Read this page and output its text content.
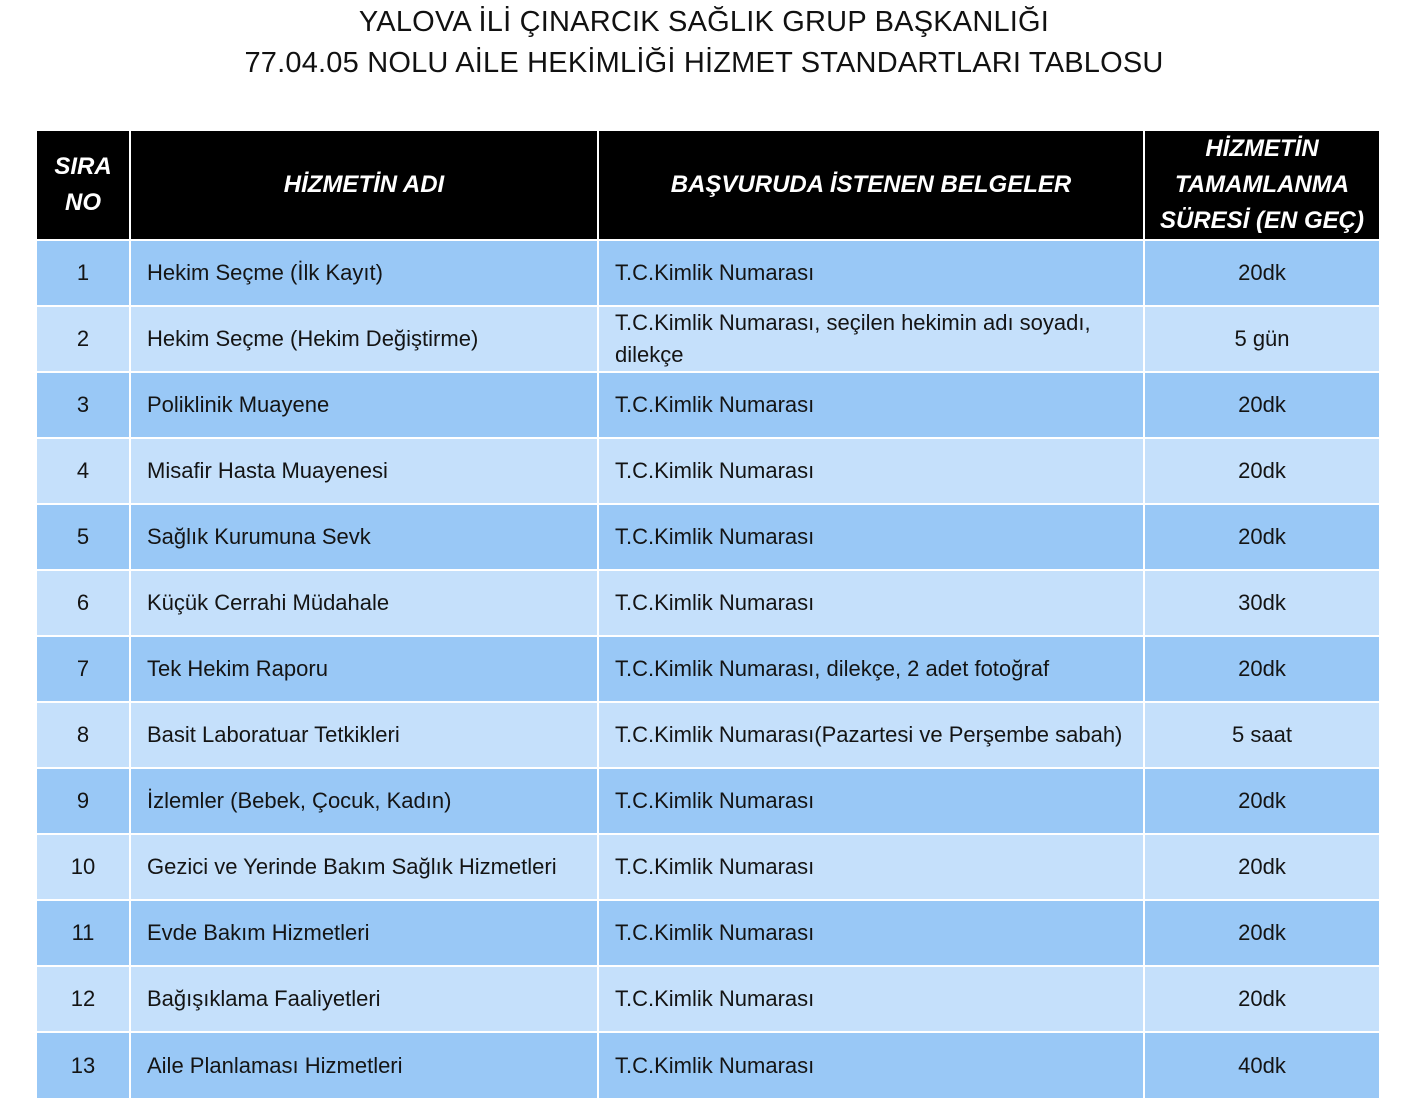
YALOVA İLİ ÇINARCIK SAĞLIK GRUP BAŞKANLIĞI
77.04.05 NOLU AİLE HEKİMLİĞİ HİZMET STANDARTLARI TABLOSU
SIRA
NO	HİZMETİN ADI	BAŞVURUDA İSTENEN BELGELER	HİZMETİN
TAMAMLANMA
SÜRESİ (EN GEÇ)
1	Hekim Seçme (İlk Kayıt)	T.C.Kimlik Numarası	20dk
2	Hekim Seçme (Hekim Değiştirme)	T.C.Kimlik Numarası, seçilen hekimin adı soyadı, dilekçe	5 gün
3	Poliklinik Muayene	T.C.Kimlik Numarası	20dk
4	Misafir Hasta Muayenesi	T.C.Kimlik Numarası	20dk
5	Sağlık Kurumuna Sevk	T.C.Kimlik Numarası	20dk
6	Küçük Cerrahi Müdahale	T.C.Kimlik Numarası	30dk
7	Tek Hekim Raporu	T.C.Kimlik Numarası, dilekçe, 2 adet fotoğraf	20dk
8	Basit Laboratuar Tetkikleri	T.C.Kimlik Numarası(Pazartesi ve Perşembe sabah)	5 saat
9	İzlemler (Bebek, Çocuk, Kadın)	T.C.Kimlik Numarası	20dk
10	Gezici ve Yerinde Bakım Sağlık Hizmetleri	T.C.Kimlik Numarası	20dk
11	Evde Bakım Hizmetleri	T.C.Kimlik Numarası	20dk
12	Bağışıklama Faaliyetleri	T.C.Kimlik Numarası	20dk
13	Aile Planlaması Hizmetleri	T.C.Kimlik Numarası	40dk
